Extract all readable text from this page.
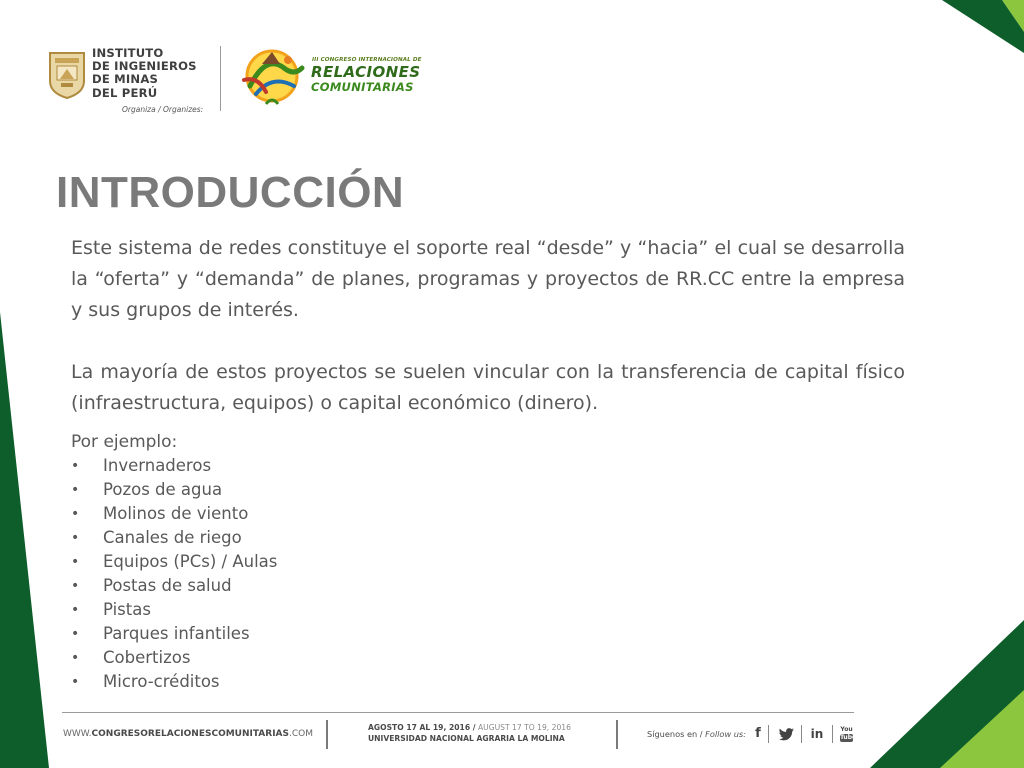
INSTITUTO
DE INGENIEROS
DE MINAS
DEL PERÚ
Organiza / Organizes:
III CONGRESO INTERNACIONAL DE
RELACIONES
COMUNITARIAS
INTRODUCCIÓN

Este sistema de redes constituye el soporte real “desde” y “hacia” el cual se desarrolla la “oferta” y “demanda” de planes, programas y proyectos de RR.CC entre la empresa y sus grupos de interés.

La mayoría de estos proyectos se suelen vincular con la transferencia de capital físico (infraestructura, equipos) o capital económico (dinero).

Por ejemplo:

• Invernaderos
• Pozos de agua
• Molinos de viento
• Canales de riego
• Equipos (PCs) / Aulas
• Postas de salud
• Pistas
• Parques infantiles
• Cobertizos
• Micro-créditos
WWW.CONGRESORELACIONESCOMUNITARIAS.COM
AGOSTO 17 AL 19, 2016 / AUGUST 17 TO 19, 2016
UNIVERSIDAD NACIONAL AGRARIA LA MOLINA	Síguenos en / Follow us: f	in	You
Tube
